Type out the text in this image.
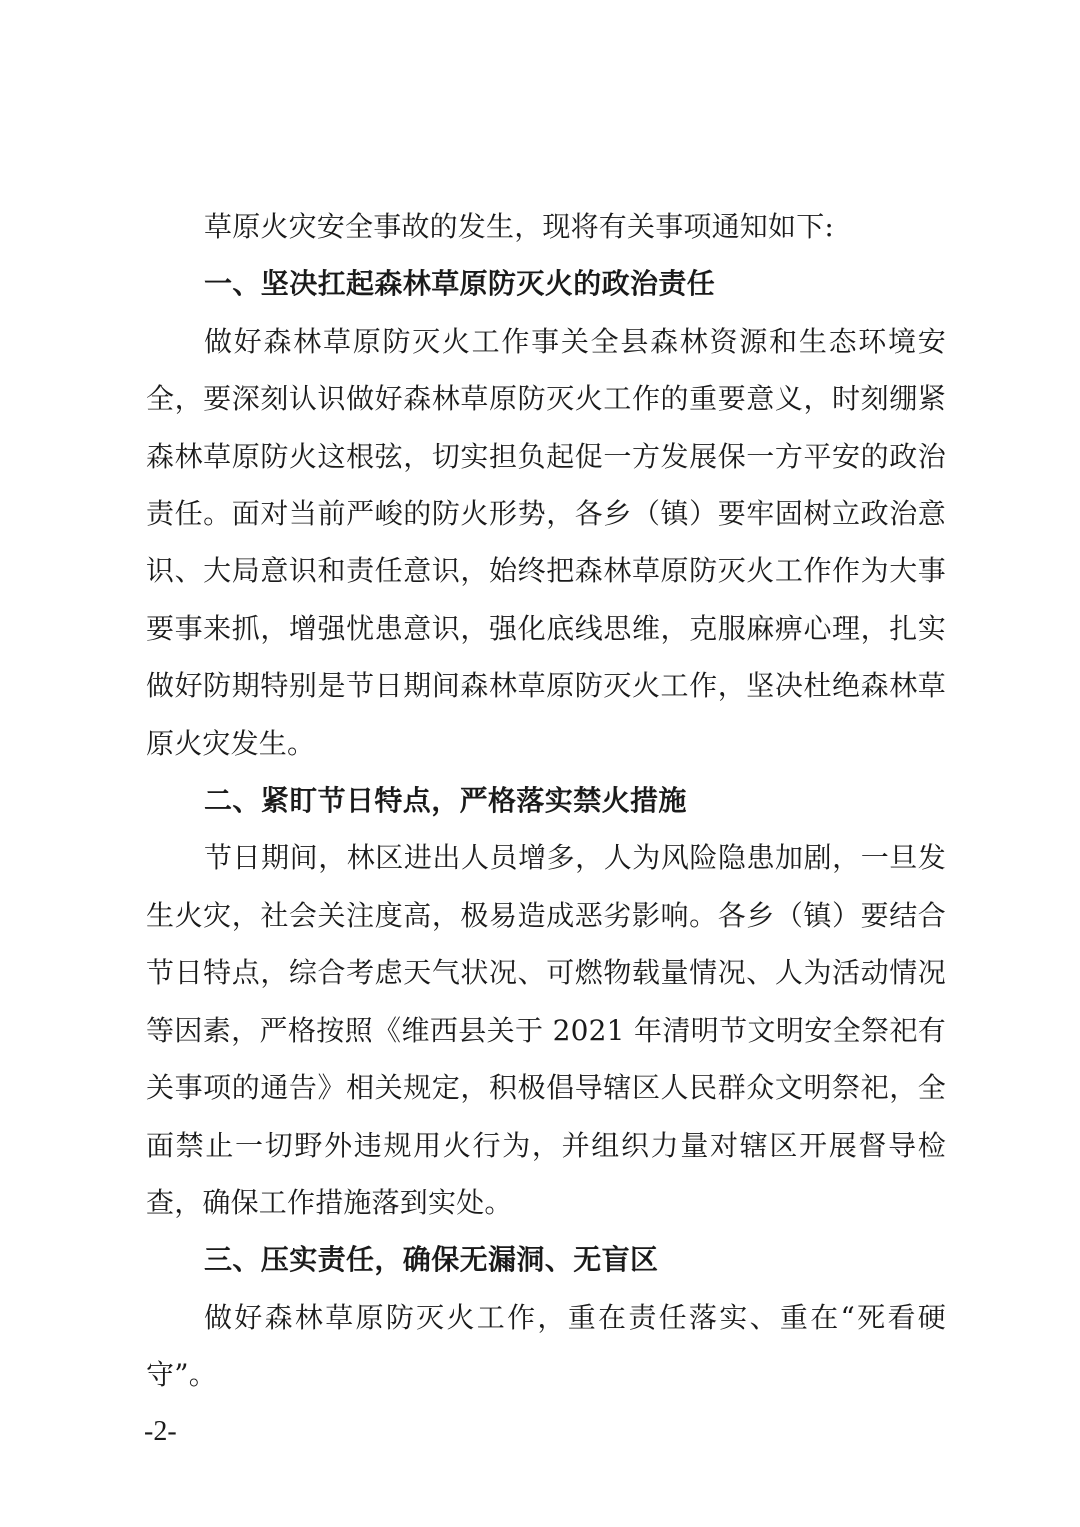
草原火灾安全事故的发生，现将有关事项通知如下:

一、坚决扛起森林草原防灭火的政治责任

做好森林草原防灭火工作事关全县森林资源和生态环境安全，要深刻认识做好森林草原防灭火工作的重要意义，时刻绷紧森林草原防火这根弦，切实担负起促一方发展保一方平安的政治责任。面对当前严峻的防火形势，各乡（镇）要牢固树立政治意识、大局意识和责任意识，始终把森林草原防灭火工作作为大事要事来抓，增强忧患意识，强化底线思维，克服麻痹心理，扎实做好防期特别是节日期间森林草原防灭火工作，坚决杜绝森林草原火灾发生。

二、紧盯节日特点，严格落实禁火措施

节日期间，林区进出人员增多，人为风险隐患加剧，一旦发生火灾，社会关注度高，极易造成恶劣影响。各乡（镇）要结合节日特点，综合考虑天气状况、可燃物载量情况、人为活动情况等因素，严格按照《维西县关于 2021 年清明节文明安全祭祀有关事项的通告》相关规定，积极倡导辖区人民群众文明祭祀，全面禁止一切野外违规用火行为，并组织力量对辖区开展督导检查，确保工作措施落到实处。

三、压实责任，确保无漏洞、无盲区

做好森林草原防灭火工作，重在责任落实、重在“死看硬守”。

-2-
